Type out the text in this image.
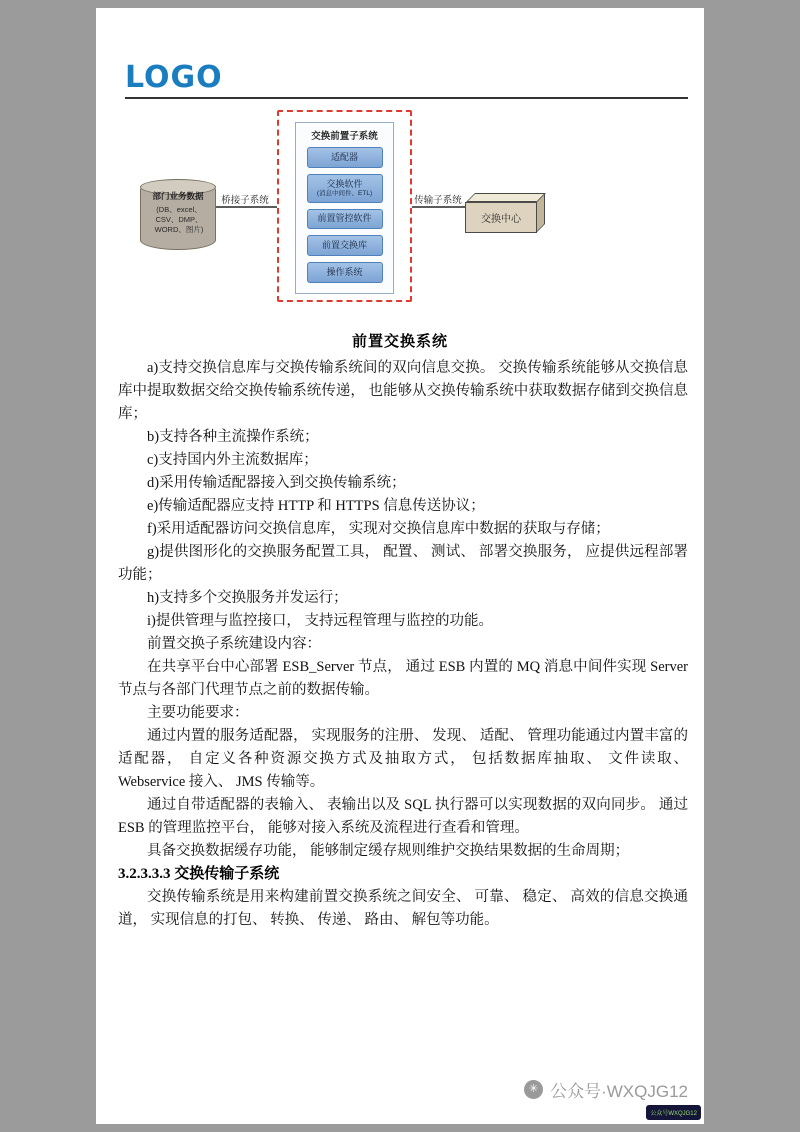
LOGO
部门业务数据
(DB、excel、CSV、DMP、WORD、图片)
桥接子系统
交换前置子系统
适配器
交换软件
(消息中间件、ETL)
前置管控软件
前置交换库
操作系统
传输子系统
交换中心
前置交换系统

a)支持交换信息库与交换传输系统间的双向信息交换。 交换传输系统能够从交换信息库中提取数据交给交换传输系统传递， 也能够从交换传输系统中获取数据存储到交换信息库；

b)支持各种主流操作系统；

c)支持国内外主流数据库；

d)采用传输适配器接入到交换传输系统；

e)传输适配器应支持 HTTP 和 HTTPS 信息传送协议；

f)采用适配器访问交换信息库， 实现对交换信息库中数据的获取与存储；

g)提供图形化的交换服务配置工具， 配置、 测试、 部署交换服务， 应提供远程部署功能；

h)支持多个交换服务并发运行；

i)提供管理与监控接口， 支持远程管理与监控的功能。

前置交换子系统建设内容：

在共享平台中心部署 ESB_Server 节点， 通过 ESB 内置的 MQ 消息中间件实现 Server 节点与各部门代理节点之前的数据传输。

主要功能要求：

通过内置的服务适配器， 实现服务的注册、 发现、 适配、 管理功能通过内置丰富的适配器， 自定义各种资源交换方式及抽取方式， 包括数据库抽取、 文件读取、Webservice 接入、 JMS 传输等。

通过自带适配器的表输入、 表输出以及 SQL 执行器可以实现数据的双向同步。 通过 ESB 的管理监控平台， 能够对接入系统及流程进行查看和管理。

具备交换数据缓存功能， 能够制定缓存规则维护交换结果数据的生命周期；

3.2.3.3.3 交换传输子系统

交换传输系统是用来构建前置交换系统之间安全、 可靠、 稳定、 高效的信息交换通道， 实现信息的打包、 转换、 传递、 路由、 解包等功能。

✳ 公众号·WXQJG12
公众号WXQJG12
